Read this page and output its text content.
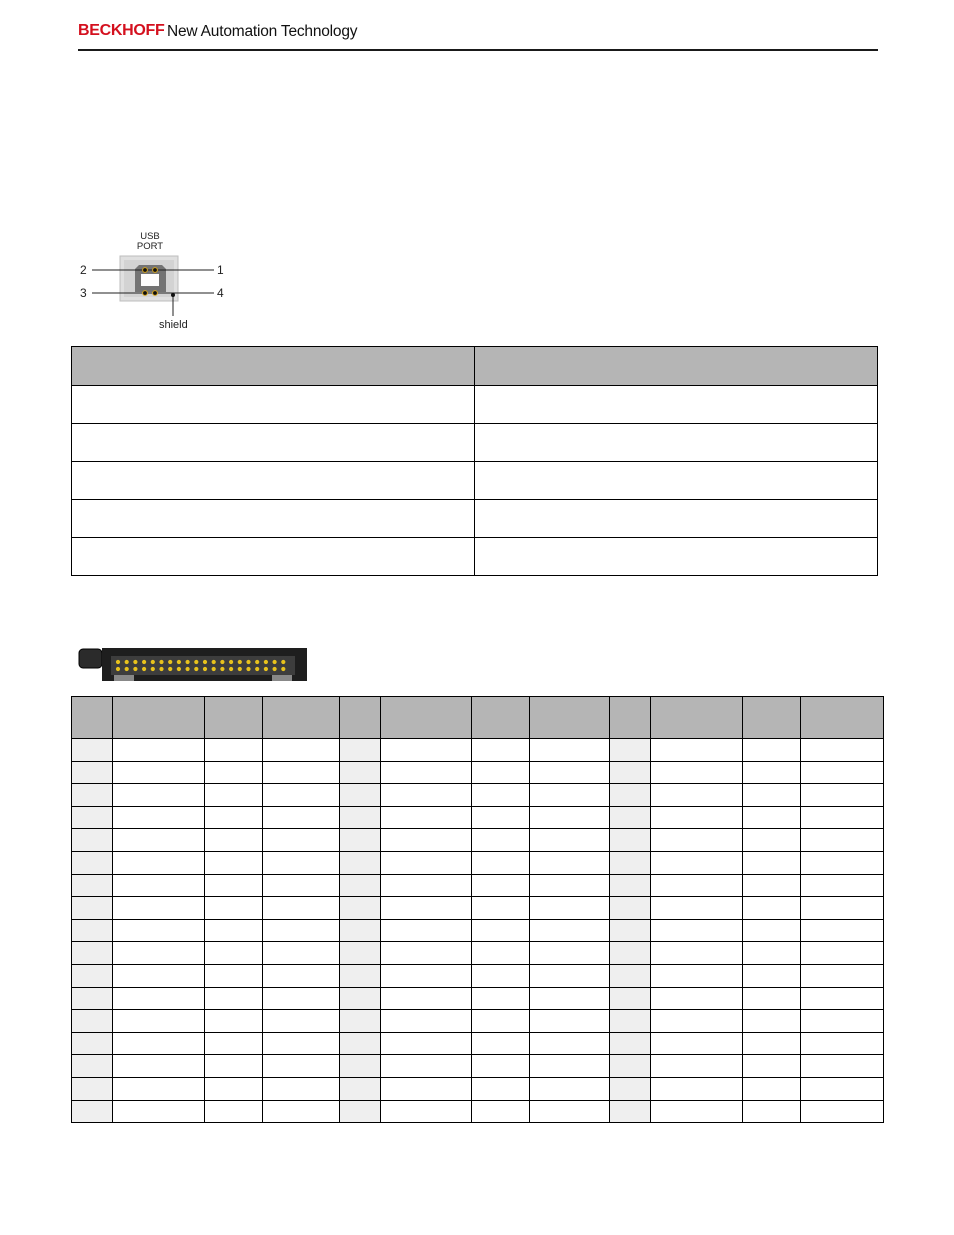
BECKHOFF New Automation Technology
USB
PORT
1
2
3	4
shield
